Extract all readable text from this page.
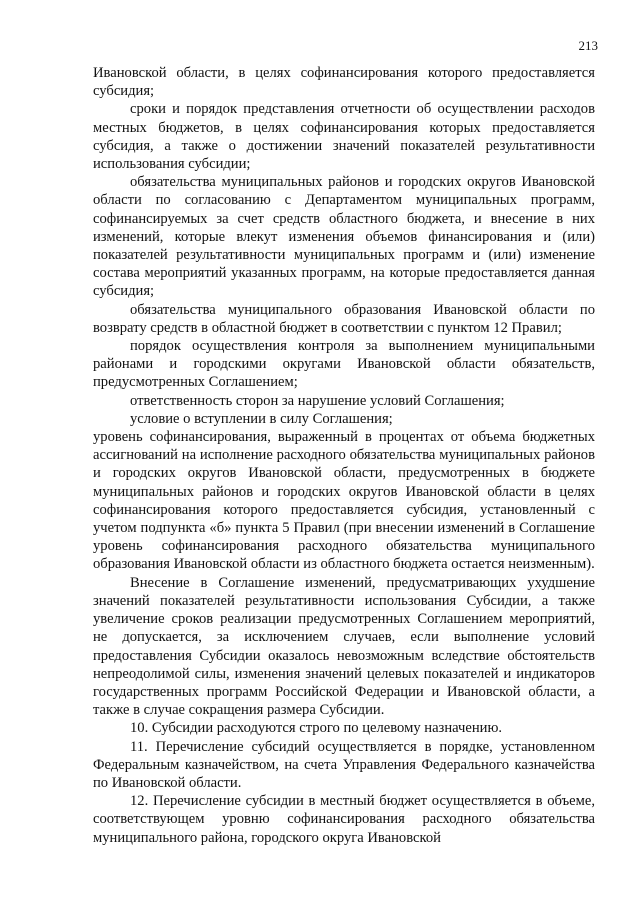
213

Ивановской области, в целях софинансирования которого предоставляется субсидия;

сроки и порядок представления отчетности об осуществлении расходов местных бюджетов, в целях софинансирования которых предоставляется субсидия, а также о достижении значений показателей результативности использования субсидии;

обязательства муниципальных районов и городских округов Ивановской области по согласованию с Департаментом муниципальных программ, софинансируемых за счет средств областного бюджета, и внесение в них изменений, которые влекут изменения объемов финансирования и (или) показателей результативности муниципальных программ и (или) изменение состава мероприятий указанных программ, на которые предоставляется данная субсидия;

обязательства муниципального образования Ивановской области по возврату средств в областной бюджет в соответствии с пунктом 12 Правил;

порядок осуществления контроля за выполнением муниципальными районами и городскими округами Ивановской области обязательств, предусмотренных Соглашением;

ответственность сторон за нарушение условий Соглашения;

условие о вступлении в силу Соглашения;

уровень софинансирования, выраженный в процентах от объема бюджетных ассигнований на исполнение расходного обязательства муниципальных районов и городских округов Ивановской области, предусмотренных в бюджете муниципальных районов и городских округов Ивановской области в целях софинансирования которого предоставляется субсидия, установленный с учетом подпункта «б» пункта 5 Правил (при внесении изменений в Соглашение уровень софинансирования расходного обязательства муниципального образования Ивановской области из областного бюджета остается неизменным).

Внесение в Соглашение изменений, предусматривающих ухудшение значений показателей результативности использования Субсидии, а также увеличение сроков реализации предусмотренных Соглашением мероприятий, не допускается, за исключением случаев, если выполнение условий предоставления Субсидии оказалось невозможным вследствие обстоятельств непреодолимой силы, изменения значений целевых показателей и индикаторов государственных программ Российской Федерации и Ивановской области, а также в случае сокращения размера Субсидии.

10. Субсидии расходуются строго по целевому назначению.

11. Перечисление субсидий осуществляется в порядке, установленном Федеральным казначейством, на счета Управления Федерального казначейства по Ивановской области.

12. Перечисление субсидии в местный бюджет осуществляется в объеме, соответствующем уровню софинансирования расходного обязательства муниципального района, городского округа Ивановской
